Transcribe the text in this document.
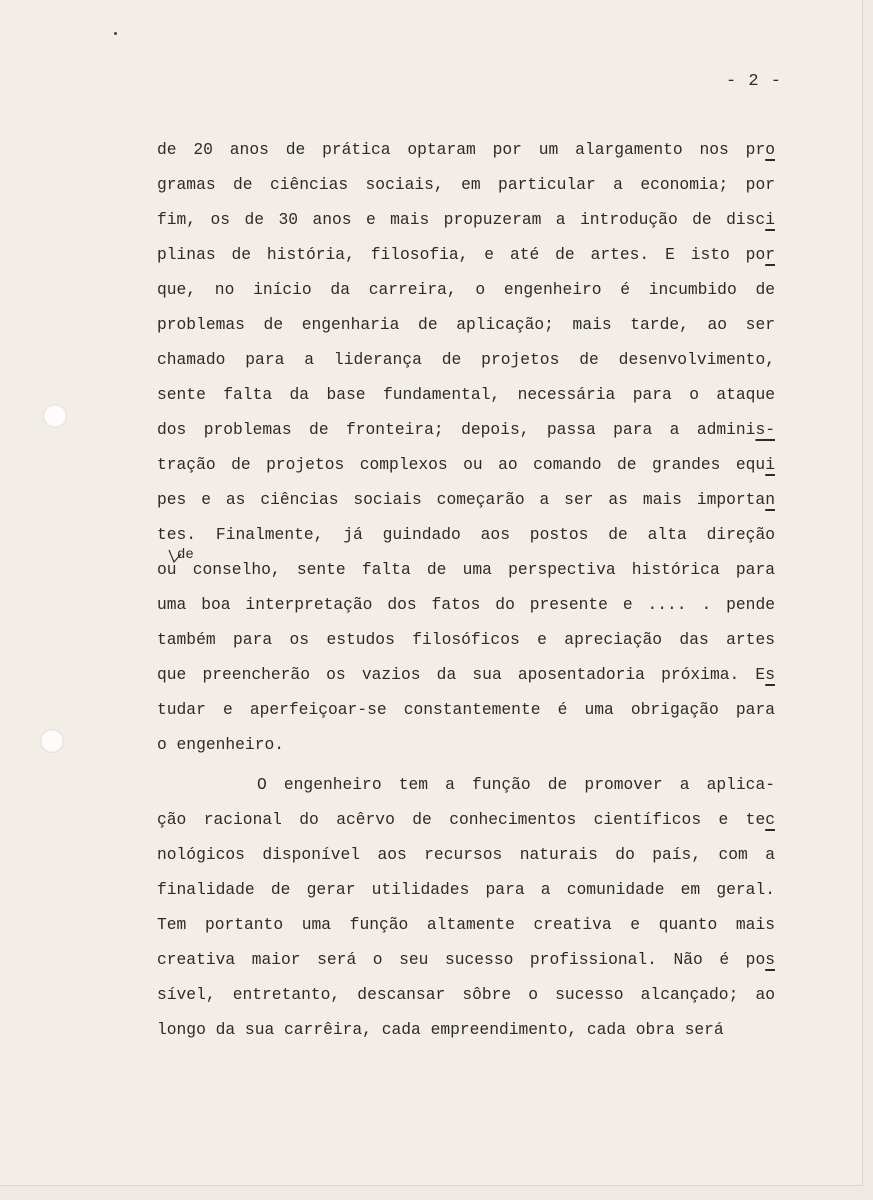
- 2 -
de 20 anos de prática optaram por um alargamento nos pro
gramas de ciências sociais, em particular a economia; por
fim, os de 30 anos e mais propuzeram a introdução de disci
plinas de história, filosofia, e até de artes. E isto por
que, no início da carreira, o engenheiro é incumbido de
problemas de engenharia de aplicação; mais tarde, ao ser
chamado para a liderança de projetos de desenvolvimento,
sente falta da base fundamental, necessária para o ataque
dos problemas de fronteira; depois, passa para a adminis-
tração de projetos complexos ou ao comando de grandes equi
pes e as ciências sociais começarão a ser as mais importan
tes. Finalmente, já guindado aos postos de alta direção
ou conselho, sente falta de uma perspectiva histórica para
de
uma boa interpretação dos fatos do presente e .... . pende
também para os estudos filosóficos e apreciação das artes
que preencherão os vazios da sua aposentadoria próxima. Es
tudar e aperfeiçoar-se constantemente é uma obrigação para
o engenheiro.
O engenheiro tem a função de promover a aplica-
ção racional do acêrvo de conhecimentos científicos e tec
nológicos disponível aos recursos naturais do país, com a
finalidade de gerar utilidades para a comunidade em geral.
Tem portanto uma função altamente creativa e quanto mais
creativa maior será o seu sucesso profissional. Não é pos
sível, entretanto, descansar sôbre o sucesso alcançado; ao
longo da sua carrêira, cada empreendimento, cada obra será
